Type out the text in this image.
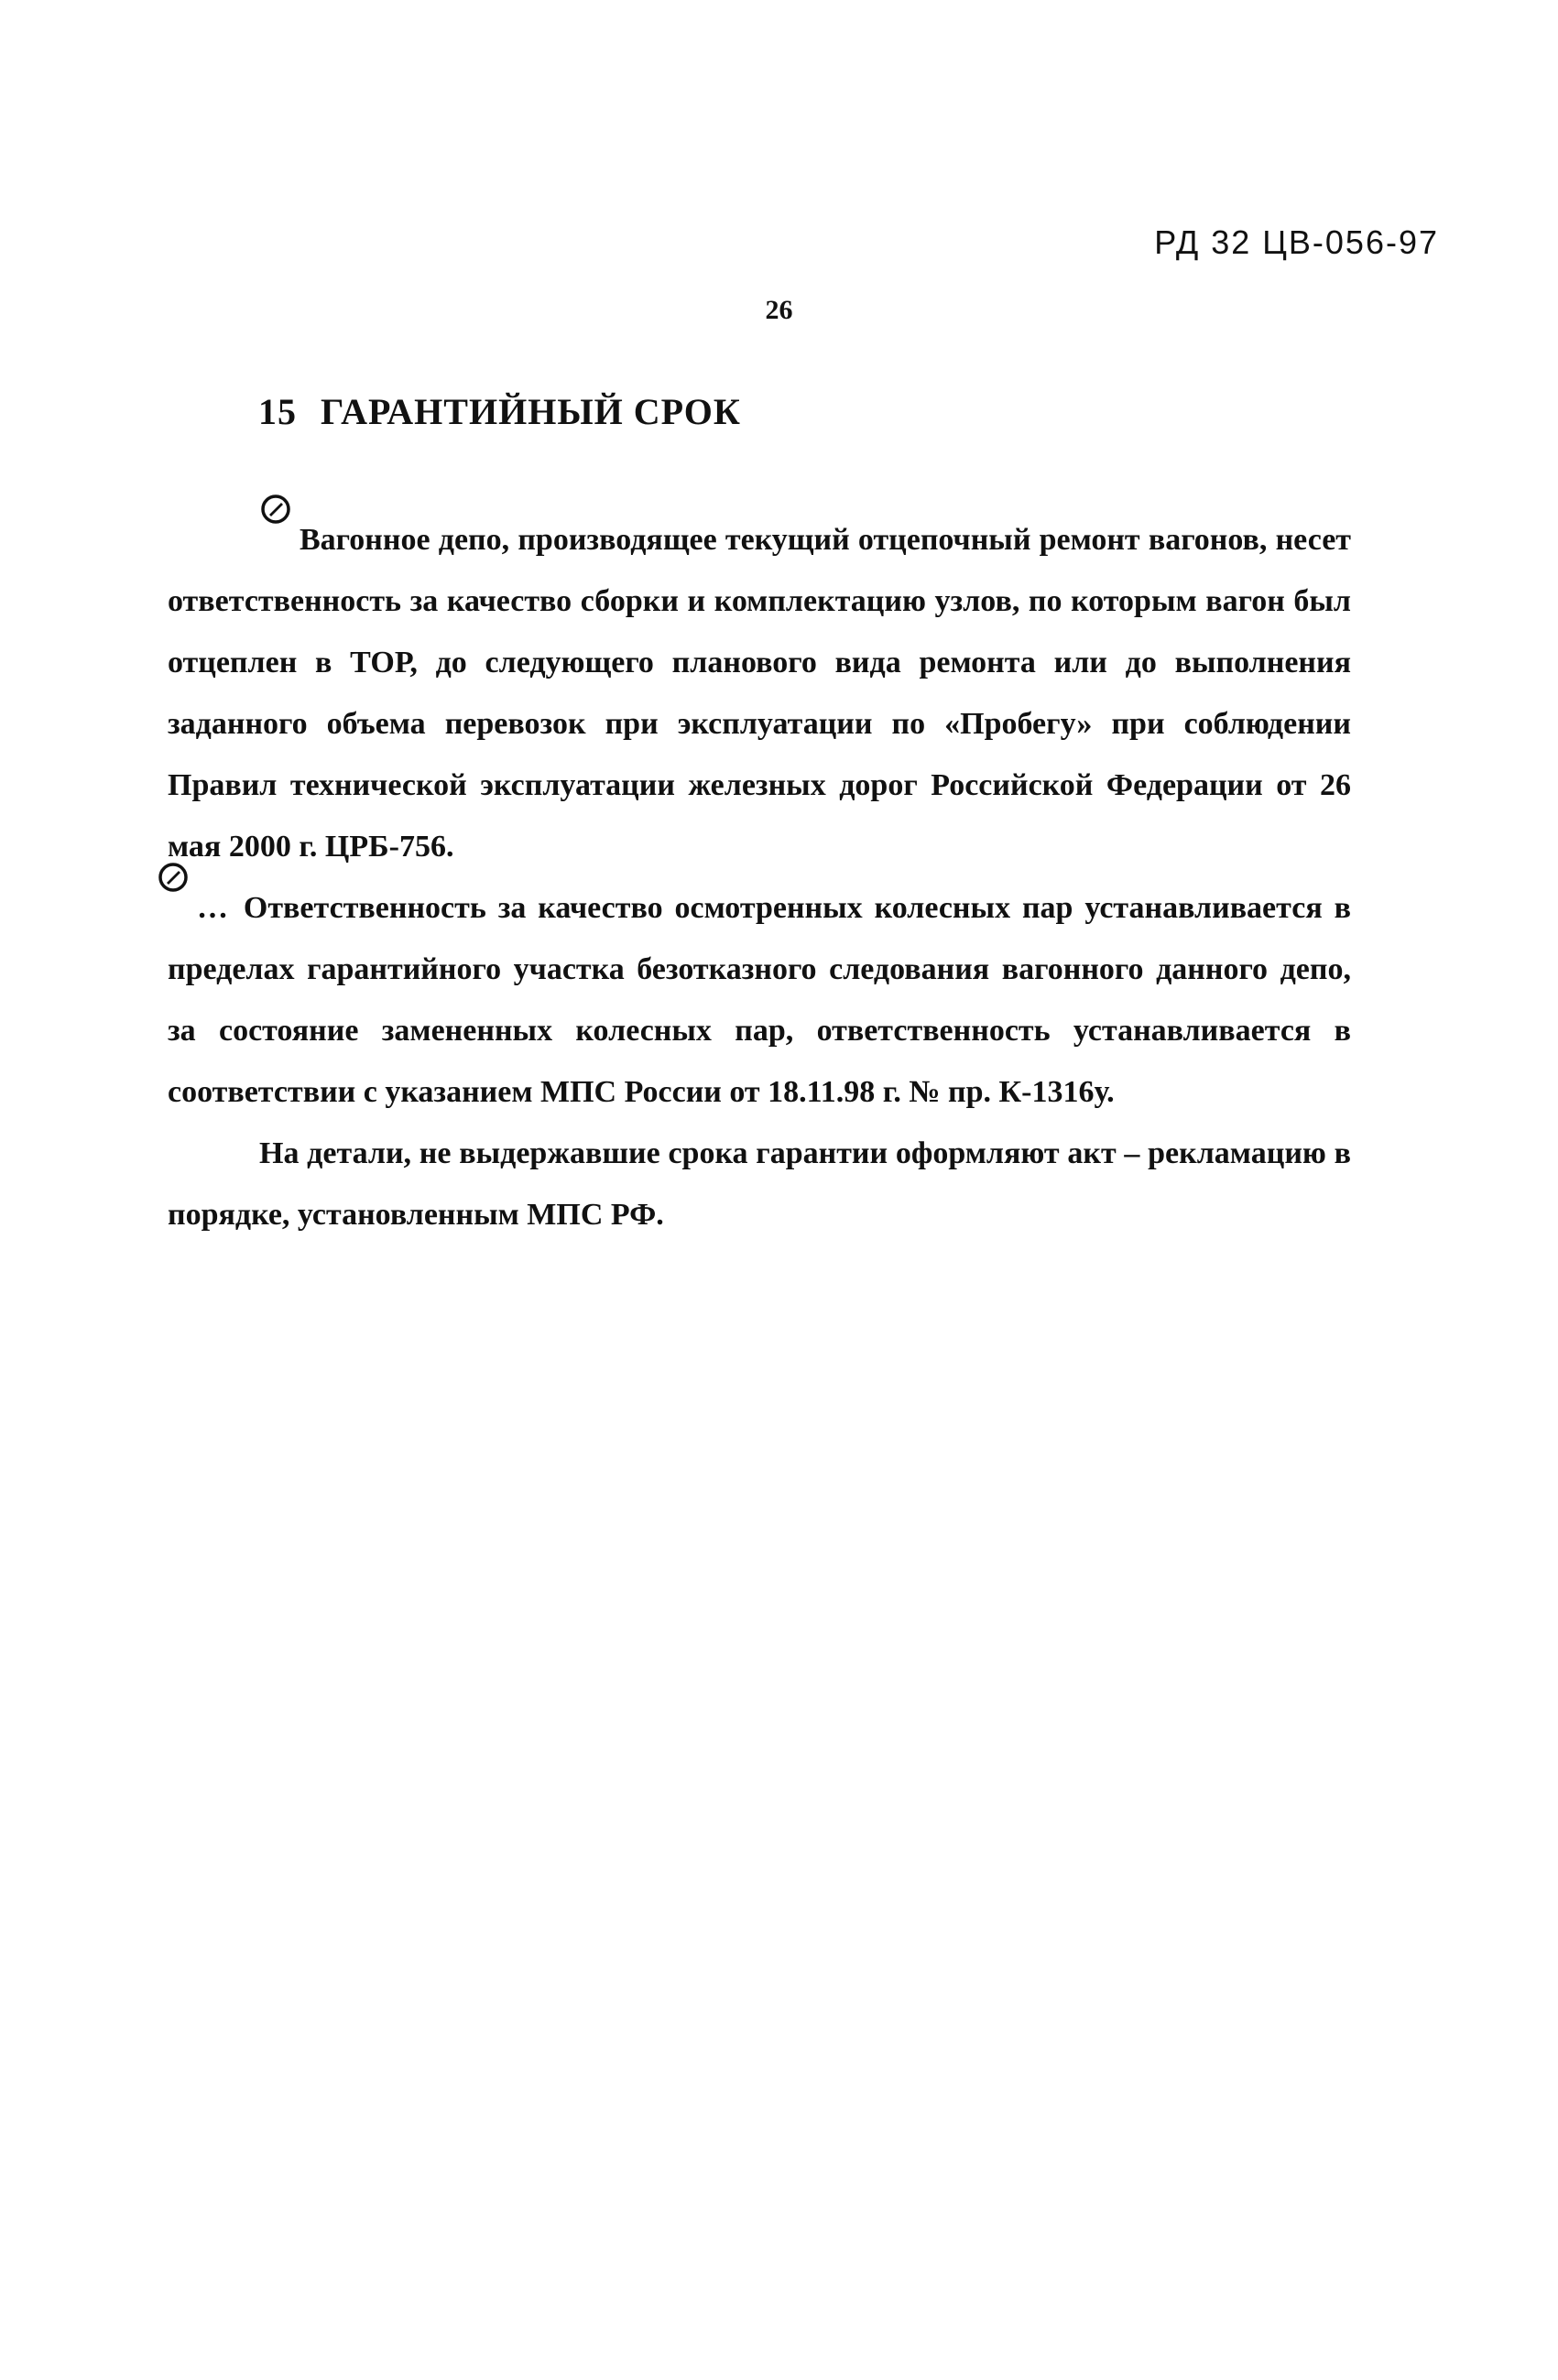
РД 32 ЦВ-056-97
26
15 ГАРАНТИЙНЫЙ СРОК

Вагонное депо, производящее текущий отцепочный ремонт вагонов, несет ответственность за качество сборки и комплектацию узлов, по которым вагон был отцеплен в ТОР, до следующего планового вида ремонта или до выполнения заданного объема перевозок при эксплуатации по «Пробегу» при соблюдении Правил технической эксплуатации железных дорог Российской Федерации от 26 мая 2000 г. ЦРБ-756.

… Ответственность за качество осмотренных колесных пар устанавливается в пределах гарантийного участка безотказного следования вагонного данного депо, за состояние замененных колесных пар, ответственность устанавливается в соответствии с указанием МПС России от 18.11.98 г. № пр. К-1316у.

На детали, не выдержавшие срока гарантии оформляют акт – рекламацию в порядке, установленным МПС РФ.
